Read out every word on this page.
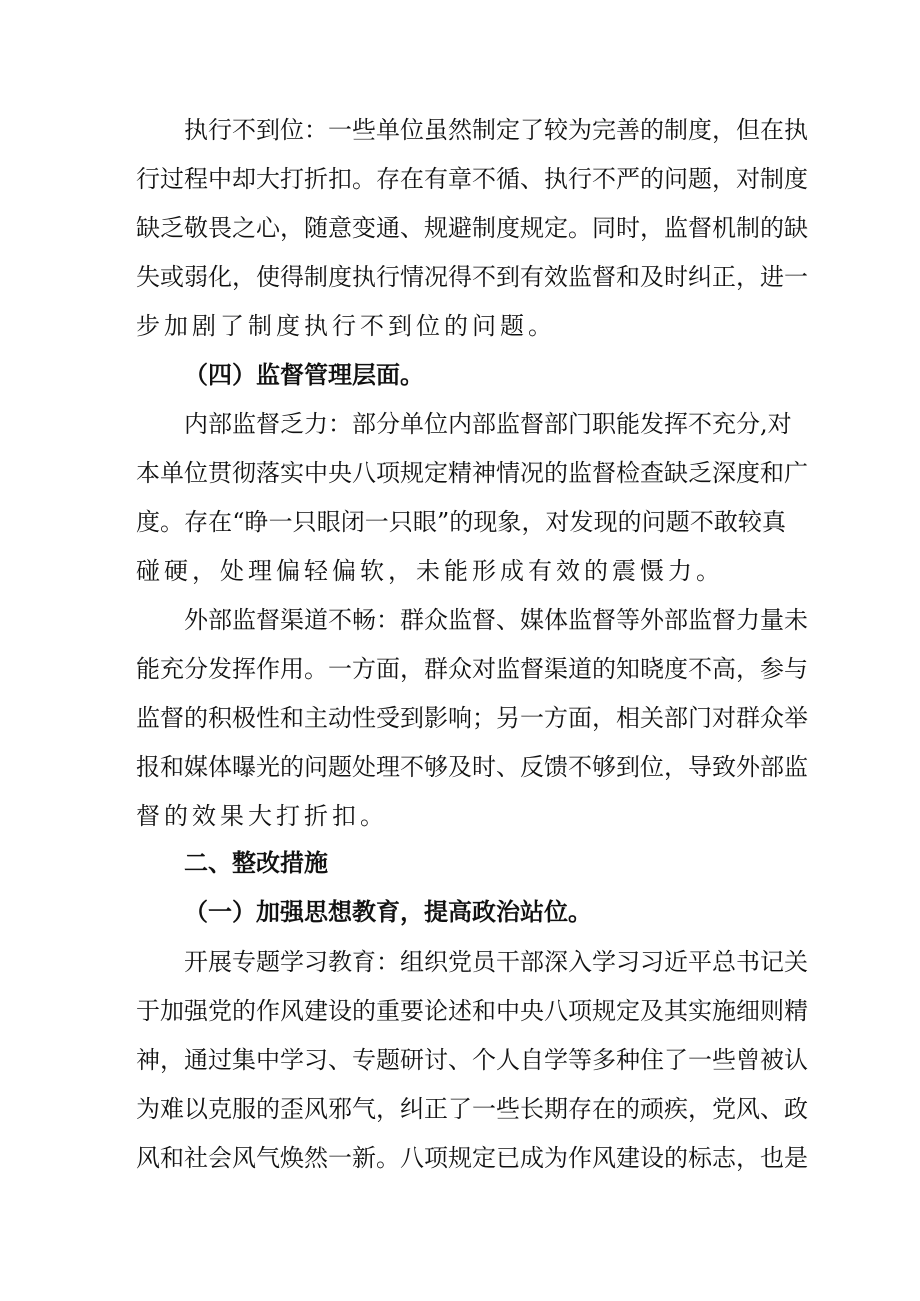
执行不到位：一些单位虽然制定了较为完善的制度，但在执
行过程中却大打折扣。存在有章不循、执行不严的问题，对制度
缺乏敬畏之心，随意变通、规避制度规定。同时，监督机制的缺
失或弱化，使得制度执行情况得不到有效监督和及时纠正，进一
步加剧了制度执行不到位的问题。
（四）监督管理层面。
内部监督乏力：部分单位内部监督部门职能发挥不充分,对
本单位贯彻落实中央八项规定精神情况的监督检查缺乏深度和广
度。存在“睁一只眼闭一只眼”的现象，对发现的问题不敢较真
碰硬，处理偏轻偏软，未能形成有效的震慑力。
外部监督渠道不畅：群众监督、媒体监督等外部监督力量未
能充分发挥作用。一方面，群众对监督渠道的知晓度不高，参与
监督的积极性和主动性受到影响；另一方面，相关部门对群众举
报和媒体曝光的问题处理不够及时、反馈不够到位，导致外部监
督的效果大打折扣。
二、整改措施
（一）加强思想教育，提高政治站位。
开展专题学习教育：组织党员干部深入学习习近平总书记关
于加强党的作风建设的重要论述和中央八项规定及其实施细则精
神，通过集中学习、专题研讨、个人自学等多种住了一些曾被认
为难以克服的歪风邪气，纠正了一些长期存在的顽疾，党风、政
风和社会风气焕然一新。八项规定已成为作风建设的标志，也是
